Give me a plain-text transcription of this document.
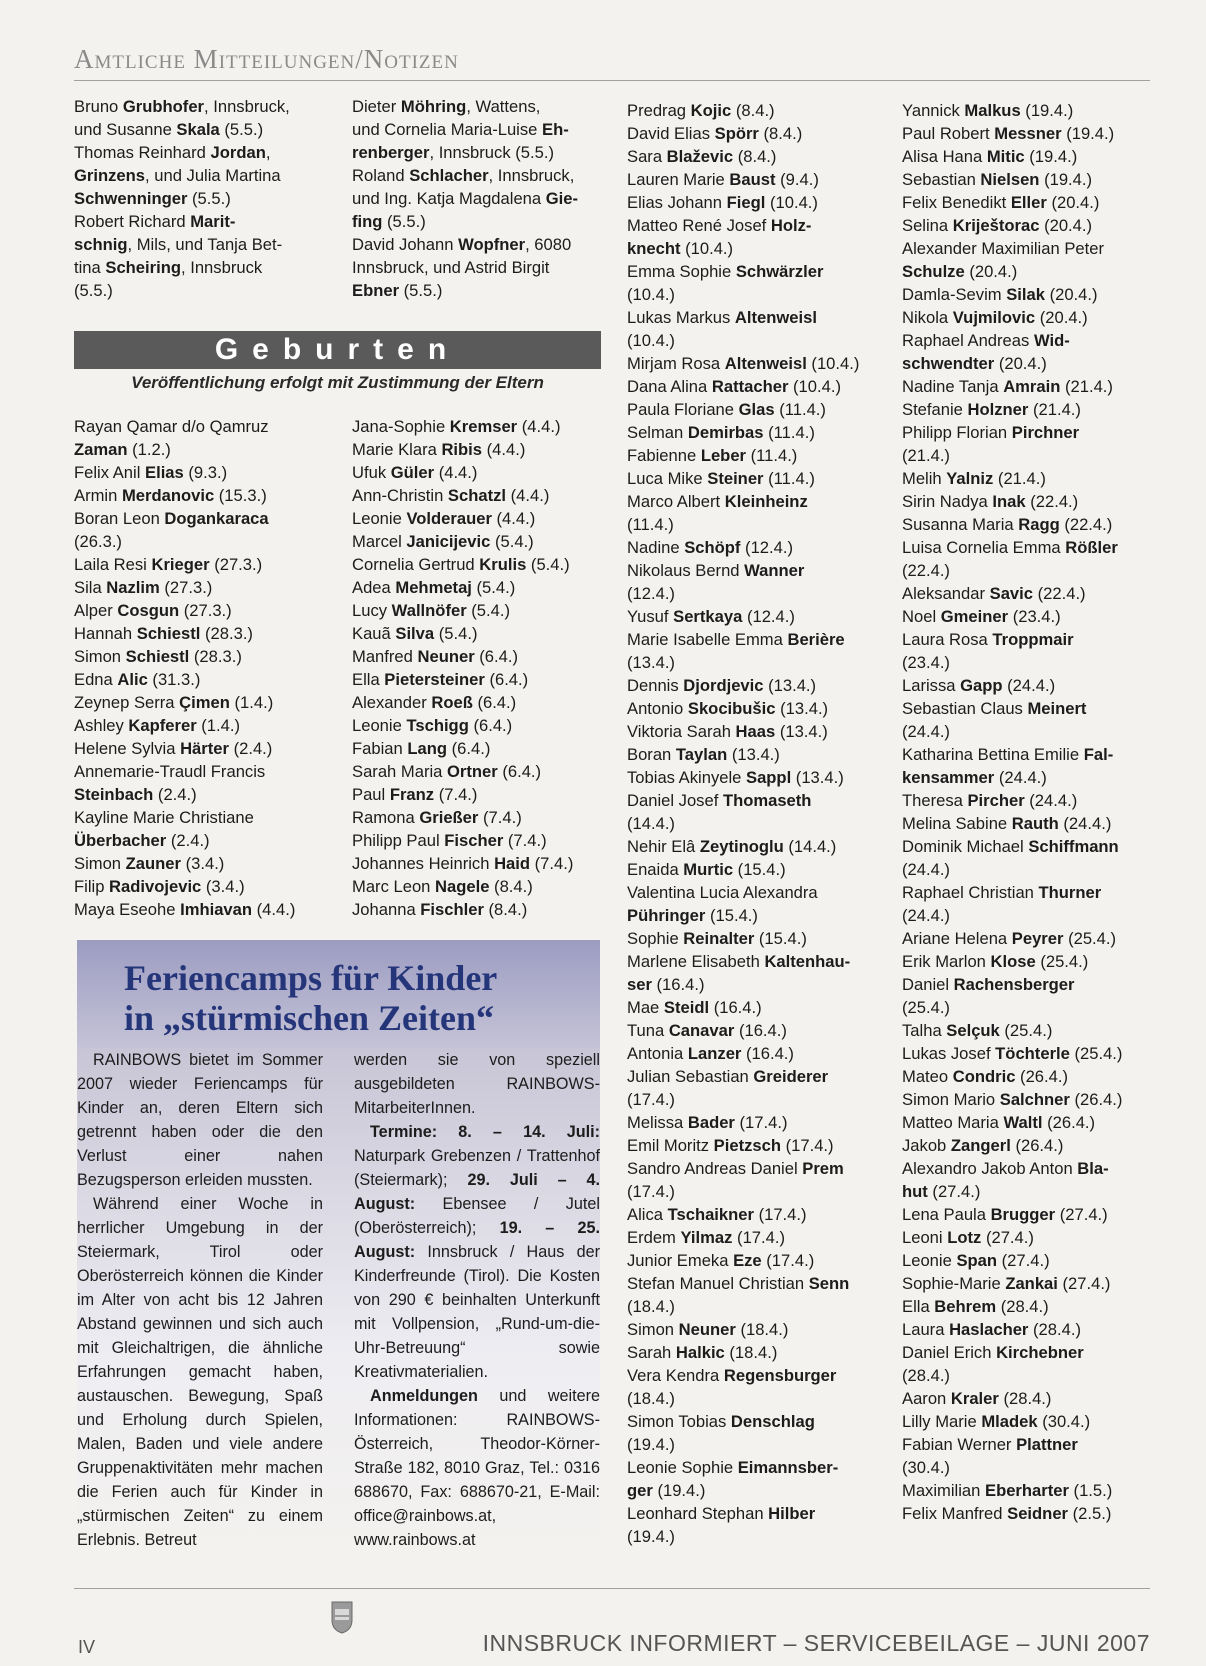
Amtliche Mitteilungen/Notizen
Bruno Grubhofer, Innsbruck,
und Susanne Skala (5.5.)
Thomas Reinhard Jordan,
Grinzens, und Julia Martina
Schwenninger (5.5.)
Robert Richard Marit-
schnig, Mils, und Tanja Bet-
tina Scheiring, Innsbruck
(5.5.)
Dieter Möhring, Wattens,
und Cornelia Maria-Luise Eh-
renberger, Innsbruck (5.5.)
Roland Schlacher, Innsbruck,
und Ing. Katja Magdalena Gie-
fing (5.5.)
David Johann Wopfner, 6080
Innsbruck, und Astrid Birgit
Ebner (5.5.)
Geburten
Veröffentlichung erfolgt mit Zustimmung der Eltern
Rayan Qamar d/o Qamruz
Zaman (1.2.)
Felix Anil Elias (9.3.)
Armin Merdanovic (15.3.)
Boran Leon Dogankaraca
(26.3.)
Laila Resi Krieger (27.3.)
Sila Nazlim (27.3.)
Alper Cosgun (27.3.)
Hannah Schiestl (28.3.)
Simon Schiestl (28.3.)
Edna Alic (31.3.)
Zeynep Serra Çimen (1.4.)
Ashley Kapferer (1.4.)
Helene Sylvia Härter (2.4.)
Annemarie-Traudl Francis
Steinbach (2.4.)
Kayline Marie Christiane
Überbacher (2.4.)
Simon Zauner (3.4.)
Filip Radivojevic (3.4.)
Maya Eseohe Imhiavan (4.4.)
Jana-Sophie Kremser (4.4.)
Marie Klara Ribis (4.4.)
Ufuk Güler (4.4.)
Ann-Christin Schatzl (4.4.)
Leonie Volderauer (4.4.)
Marcel Janicijevic (5.4.)
Cornelia Gertrud Krulis (5.4.)
Adea Mehmetaj (5.4.)
Lucy Wallnöfer (5.4.)
Kauã Silva (5.4.)
Manfred Neuner (6.4.)
Ella Pietersteiner (6.4.)
Alexander Roeß (6.4.)
Leonie Tschigg (6.4.)
Fabian Lang (6.4.)
Sarah Maria Ortner (6.4.)
Paul Franz (7.4.)
Ramona Grießer (7.4.)
Philipp Paul Fischer (7.4.)
Johannes Heinrich Haid (7.4.)
Marc Leon Nagele (8.4.)
Johanna Fischler (8.4.)
Predrag Kojic (8.4.)
David Elias Spörr (8.4.)
Sara Blaževic (8.4.)
Lauren Marie Baust (9.4.)
Elias Johann Fiegl (10.4.)
Matteo René Josef Holz-
knecht (10.4.)
Emma Sophie Schwärzler
(10.4.)
Lukas Markus Altenweisl
(10.4.)
Mirjam Rosa Altenweisl (10.4.)
Dana Alina Rattacher (10.4.)
Paula Floriane Glas (11.4.)
Selman Demirbas (11.4.)
Fabienne Leber (11.4.)
Luca Mike Steiner (11.4.)
Marco Albert Kleinheinz
(11.4.)
Nadine Schöpf (12.4.)
Nikolaus Bernd Wanner
(12.4.)
Yusuf Sertkaya (12.4.)
Marie Isabelle Emma Berière
(13.4.)
Dennis Djordjevic (13.4.)
Antonio Skocibušic (13.4.)
Viktoria Sarah Haas (13.4.)
Boran Taylan (13.4.)
Tobias Akinyele Sappl (13.4.)
Daniel Josef Thomaseth
(14.4.)
Nehir Elâ Zeytinoglu (14.4.)
Enaida Murtic (15.4.)
Valentina Lucia Alexandra
Pühringer (15.4.)
Sophie Reinalter (15.4.)
Marlene Elisabeth Kaltenhau-
ser (16.4.)
Mae Steidl (16.4.)
Tuna Canavar (16.4.)
Antonia Lanzer (16.4.)
Julian Sebastian Greiderer
(17.4.)
Melissa Bader (17.4.)
Emil Moritz Pietzsch (17.4.)
Sandro Andreas Daniel Prem
(17.4.)
Alica Tschaikner (17.4.)
Erdem Yilmaz (17.4.)
Junior Emeka Eze (17.4.)
Stefan Manuel Christian Senn
(18.4.)
Simon Neuner (18.4.)
Sarah Halkic (18.4.)
Vera Kendra Regensburger
(18.4.)
Simon Tobias Denschlag
(19.4.)
Leonie Sophie Eimannsber-
ger (19.4.)
Leonhard Stephan Hilber
(19.4.)
Yannick Malkus (19.4.)
Paul Robert Messner (19.4.)
Alisa Hana Mitic (19.4.)
Sebastian Nielsen (19.4.)
Felix Benedikt Eller (20.4.)
Selina Kriještorac (20.4.)
Alexander Maximilian Peter
Schulze (20.4.)
Damla-Sevim Silak (20.4.)
Nikola Vujmilovic (20.4.)
Raphael Andreas Wid-
schwendter (20.4.)
Nadine Tanja Amrain (21.4.)
Stefanie Holzner (21.4.)
Philipp Florian Pirchner
(21.4.)
Melih Yalniz (21.4.)
Sirin Nadya Inak (22.4.)
Susanna Maria Ragg (22.4.)
Luisa Cornelia Emma Rößler
(22.4.)
Aleksandar Savic (22.4.)
Noel Gmeiner (23.4.)
Laura Rosa Troppmair
(23.4.)
Larissa Gapp (24.4.)
Sebastian Claus Meinert
(24.4.)
Katharina Bettina Emilie Fal-
kensammer (24.4.)
Theresa Pircher (24.4.)
Melina Sabine Rauth (24.4.)
Dominik Michael Schiffmann
(24.4.)
Raphael Christian Thurner
(24.4.)
Ariane Helena Peyrer (25.4.)
Erik Marlon Klose (25.4.)
Daniel Rachensberger
(25.4.)
Talha Selçuk (25.4.)
Lukas Josef Töchterle (25.4.)
Mateo Condric (26.4.)
Simon Mario Salchner (26.4.)
Matteo Maria Waltl (26.4.)
Jakob Zangerl (26.4.)
Alexandro Jakob Anton Bla-
hut (27.4.)
Lena Paula Brugger (27.4.)
Leoni Lotz (27.4.)
Leonie Span (27.4.)
Sophie-Marie Zankai (27.4.)
Ella Behrem (28.4.)
Laura Haslacher (28.4.)
Daniel Erich Kirchebner
(28.4.)
Aaron Kraler (28.4.)
Lilly Marie Mladek (30.4.)
Fabian Werner Plattner
(30.4.)
Maximilian Eberharter (1.5.)
Felix Manfred Seidner (2.5.)
Feriencamps für Kinder
in „stürmischen Zeiten“

RAINBOWS bietet im Sommer 2007 wieder Feriencamps für Kinder an, deren Eltern sich getrennt haben oder die den Verlust einer nahen Bezugsperson erleiden mussten.

Während einer Woche in herrlicher Umgebung in der Steiermark, Tirol oder Oberösterreich können die Kinder im Alter von acht bis 12 Jahren Abstand gewinnen und sich auch mit Gleichaltrigen, die ähnliche Erfahrungen gemacht haben, austauschen. Bewegung, Spaß und Erholung durch Spielen, Malen, Baden und viele andere Gruppenaktivitäten mehr machen die Ferien auch für Kinder in „stürmischen Zeiten“ zu einem Erlebnis. Betreut

werden sie von speziell ausgebildeten RAINBOWS-MitarbeiterInnen.

Termine: 8. – 14. Juli: Naturpark Grebenzen / Trattenhof (Steiermark); 29. Juli – 4. August: Ebensee / Jutel (Oberösterreich); 19. – 25. August: Innsbruck / Haus der Kinderfreunde (Tirol). Die Kosten von 290 € beinhalten Unterkunft mit Vollpension, „Rund-um-die-Uhr-Betreuung“ sowie Kreativmaterialien.

Anmeldungen und weitere Informationen: RAINBOWS-Österreich, Theodor-Körner-Straße 182, 8010 Graz, Tel.: 0316 688670, Fax: 688670-21, E-Mail: office@rainbows.at, www.rainbows.at

IV	INNSBRUCK INFORMIERT – SERVICEBEILAGE – JUNI 2007
